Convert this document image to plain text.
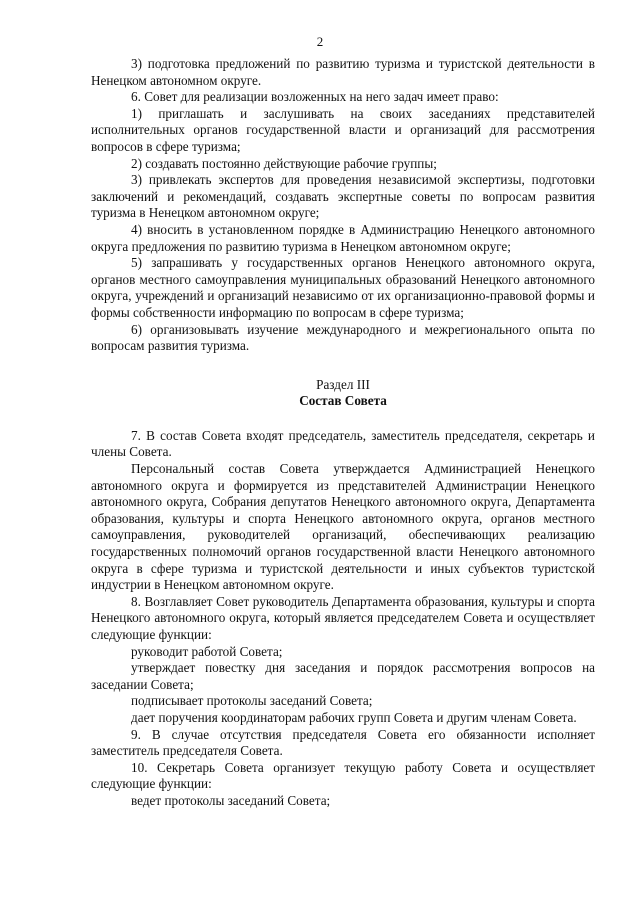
2

3) подготовка предложений по развитию туризма и туристской деятельности в Ненецком автономном округе.

6. Совет для реализации возложенных на него задач имеет право:

1) приглашать и заслушивать на своих заседаниях представителей исполнительных органов государственной власти и организаций для рассмотрения вопросов в сфере туризма;

2) создавать постоянно действующие рабочие группы;

3) привлекать экспертов для проведения независимой экспертизы, подготовки заключений и рекомендаций, создавать экспертные советы по вопросам развития туризма в Ненецком автономном округе;

4) вносить в установленном порядке в Администрацию Ненецкого автономного округа предложения по развитию туризма в Ненецком автономном округе;

5) запрашивать у государственных органов Ненецкого автономного округа, органов местного самоуправления муниципальных образований Ненецкого автономного округа, учреждений и организаций независимо от их организационно-правовой формы и формы собственности информацию по вопросам в сфере туризма;

6) организовывать изучение международного и межрегионального опыта по вопросам развития туризма.

Раздел III

Состав Совета

7. В состав Совета входят председатель, заместитель председателя, секретарь и члены Совета.

Персональный состав Совета утверждается Администрацией Ненецкого автономного округа и формируется из представителей Администрации Ненецкого автономного округа, Собрания депутатов Ненецкого автономного округа, Департамента образования, культуры и спорта Ненецкого автономного округа, органов местного самоуправления, руководителей организаций, обеспечивающих реализацию государственных полномочий органов государственной власти Ненецкого автономного округа в сфере туризма и туристской деятельности и иных субъектов туристской индустрии в Ненецком автономном округе.

8. Возглавляет Совет руководитель Департамента образования, культуры и спорта Ненецкого автономного округа, который является председателем Совета и осуществляет следующие функции:

руководит работой Совета;

утверждает повестку дня заседания и порядок рассмотрения вопросов на заседании Совета;

подписывает протоколы заседаний Совета;

дает поручения координаторам рабочих групп Совета и другим членам Совета.

9. В случае отсутствия председателя Совета его обязанности исполняет заместитель председателя Совета.

10. Секретарь Совета организует текущую работу Совета и осуществляет следующие функции:

ведет протоколы заседаний Совета;
